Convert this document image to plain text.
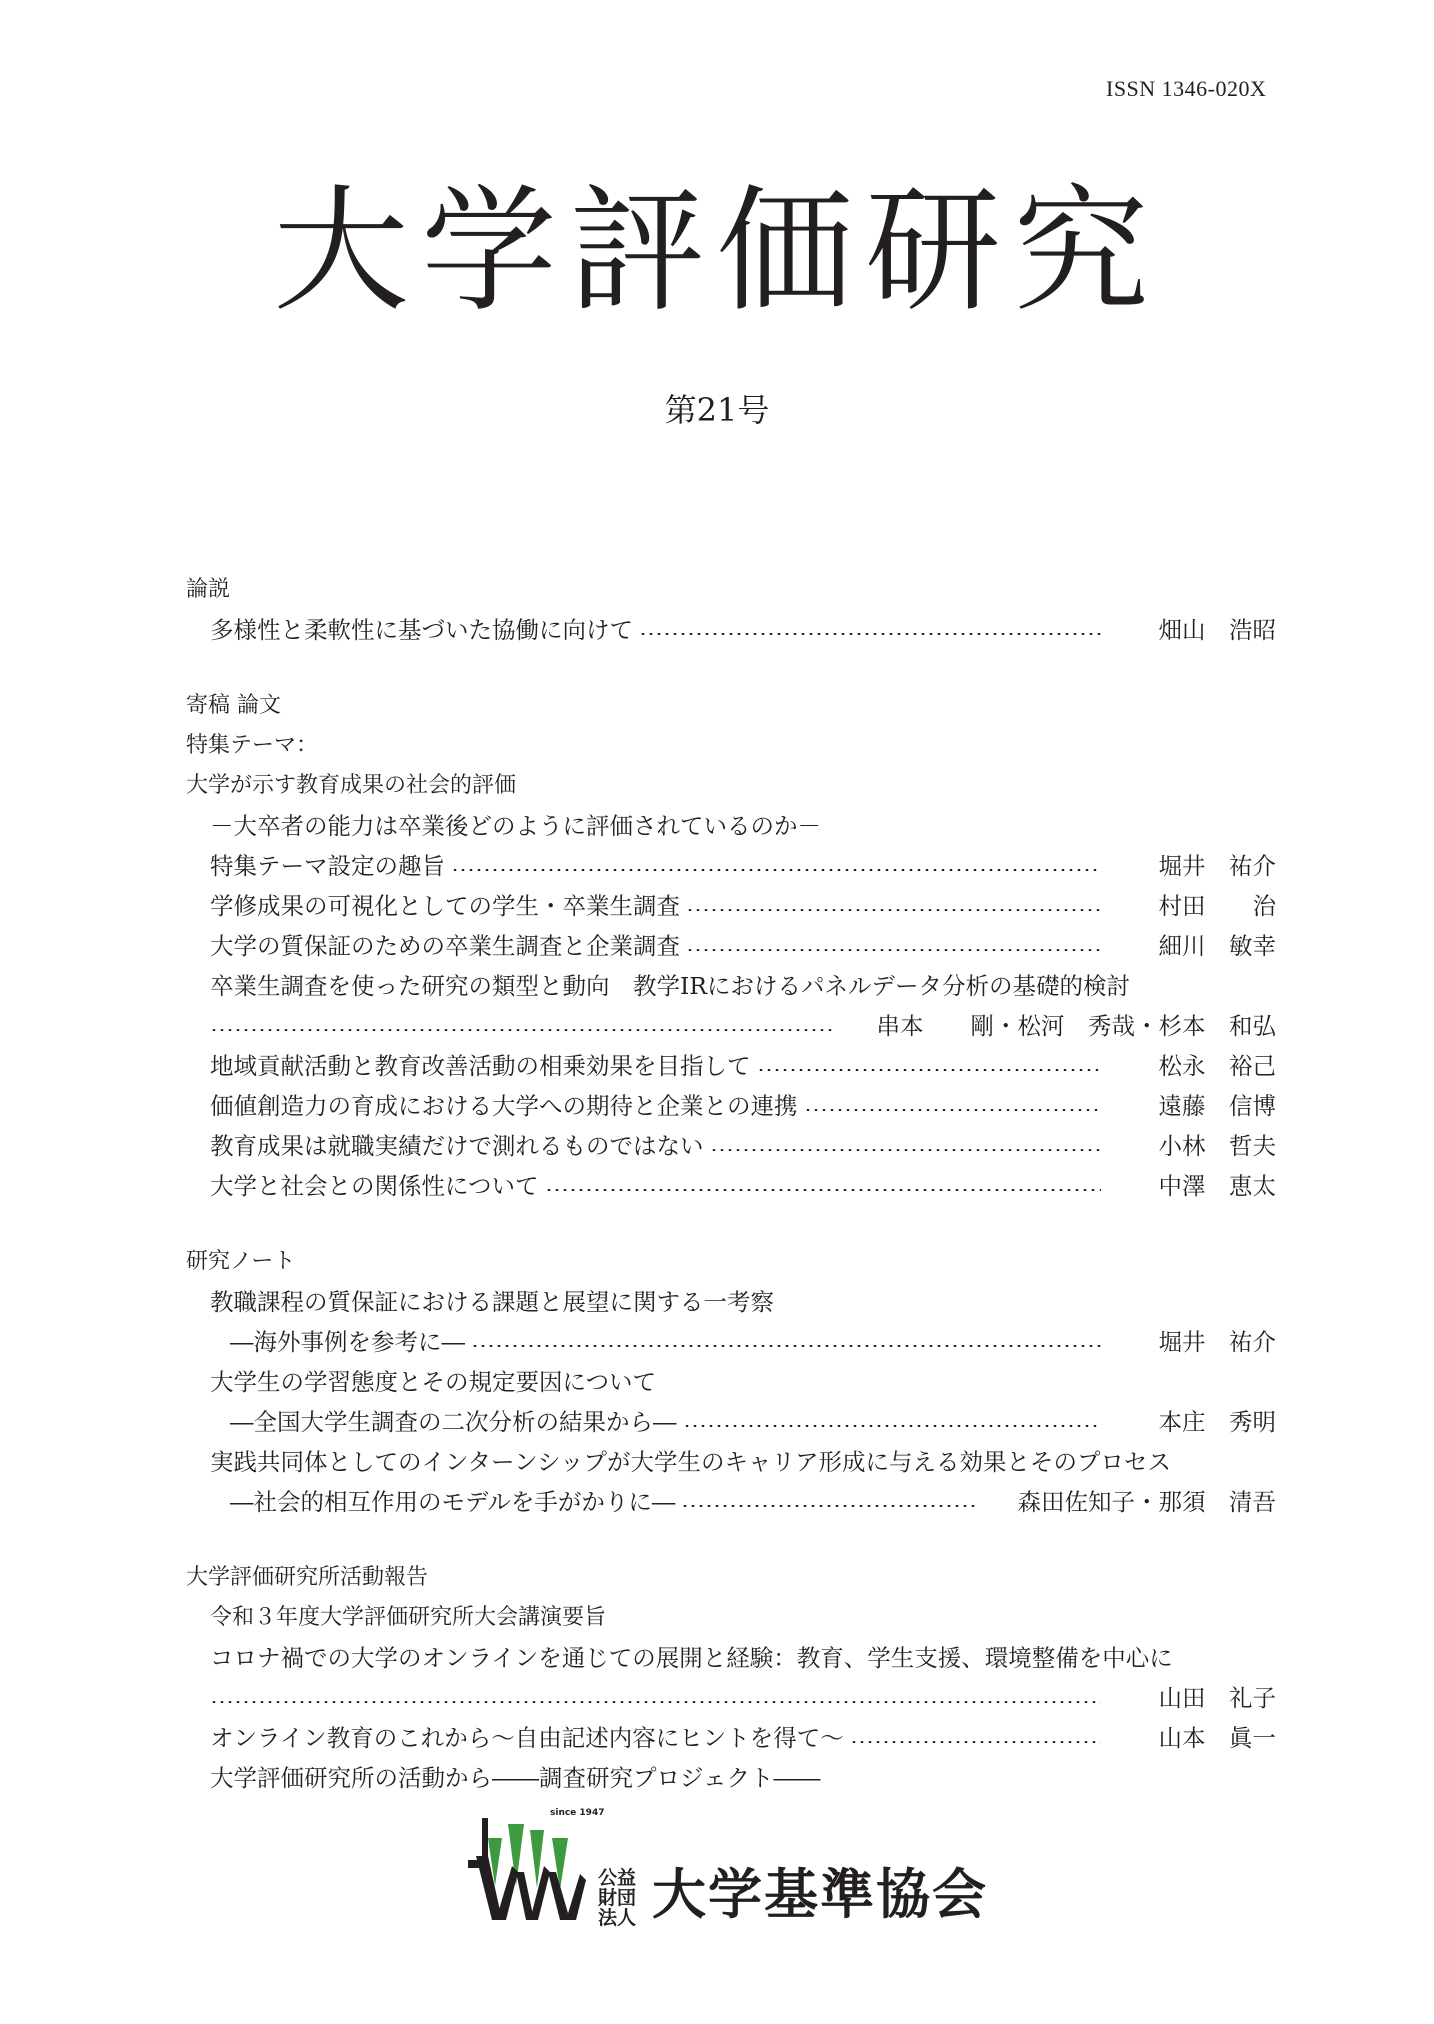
ISSN 1346-020X
大学評価研究
第21号
論説
多様性と柔軟性に基づいた協働に向けて	畑山　浩昭
寄稿 論文
特集テーマ：
大学が示す教育成果の社会的評価
－大卒者の能力は卒業後どのように評価されているのか－
特集テーマ設定の趣旨	堀井　祐介
学修成果の可視化としての学生・卒業生調査	村田　　治
大学の質保証のための卒業生調査と企業調査	細川　敏幸
卒業生調査を使った研究の類型と動向　教学IRにおけるパネルデータ分析の基礎的検討
串本　　剛・松河　秀哉・杉本　和弘
地域貢献活動と教育改善活動の相乗効果を目指して	松永　裕己
価値創造力の育成における大学への期待と企業との連携	遠藤　信博
教育成果は就職実績だけで測れるものではない	小林　哲夫
大学と社会との関係性について	中澤　恵太
研究ノート
教職課程の質保証における課題と展望に関する一考察
―海外事例を参考に―	堀井　祐介
大学生の学習態度とその規定要因について
―全国大学生調査の二次分析の結果から―	本庄　秀明
実践共同体としてのインターンシップが大学生のキャリア形成に与える効果とそのプロセス
―社会的相互作用のモデルを手がかりに―	森田佐知子・那須　清吾
大学評価研究所活動報告
令和３年度大学評価研究所大会講演要旨
コロナ禍での大学のオンラインを通じての展開と経験：教育、学生支援、環境整備を中心に
山田　礼子
オンライン教育のこれから～自由記述内容にヒントを得て～	山本　眞一
大学評価研究所の活動から――調査研究プロジェクト――
since 1947
公益財団法人 大学基準協会
